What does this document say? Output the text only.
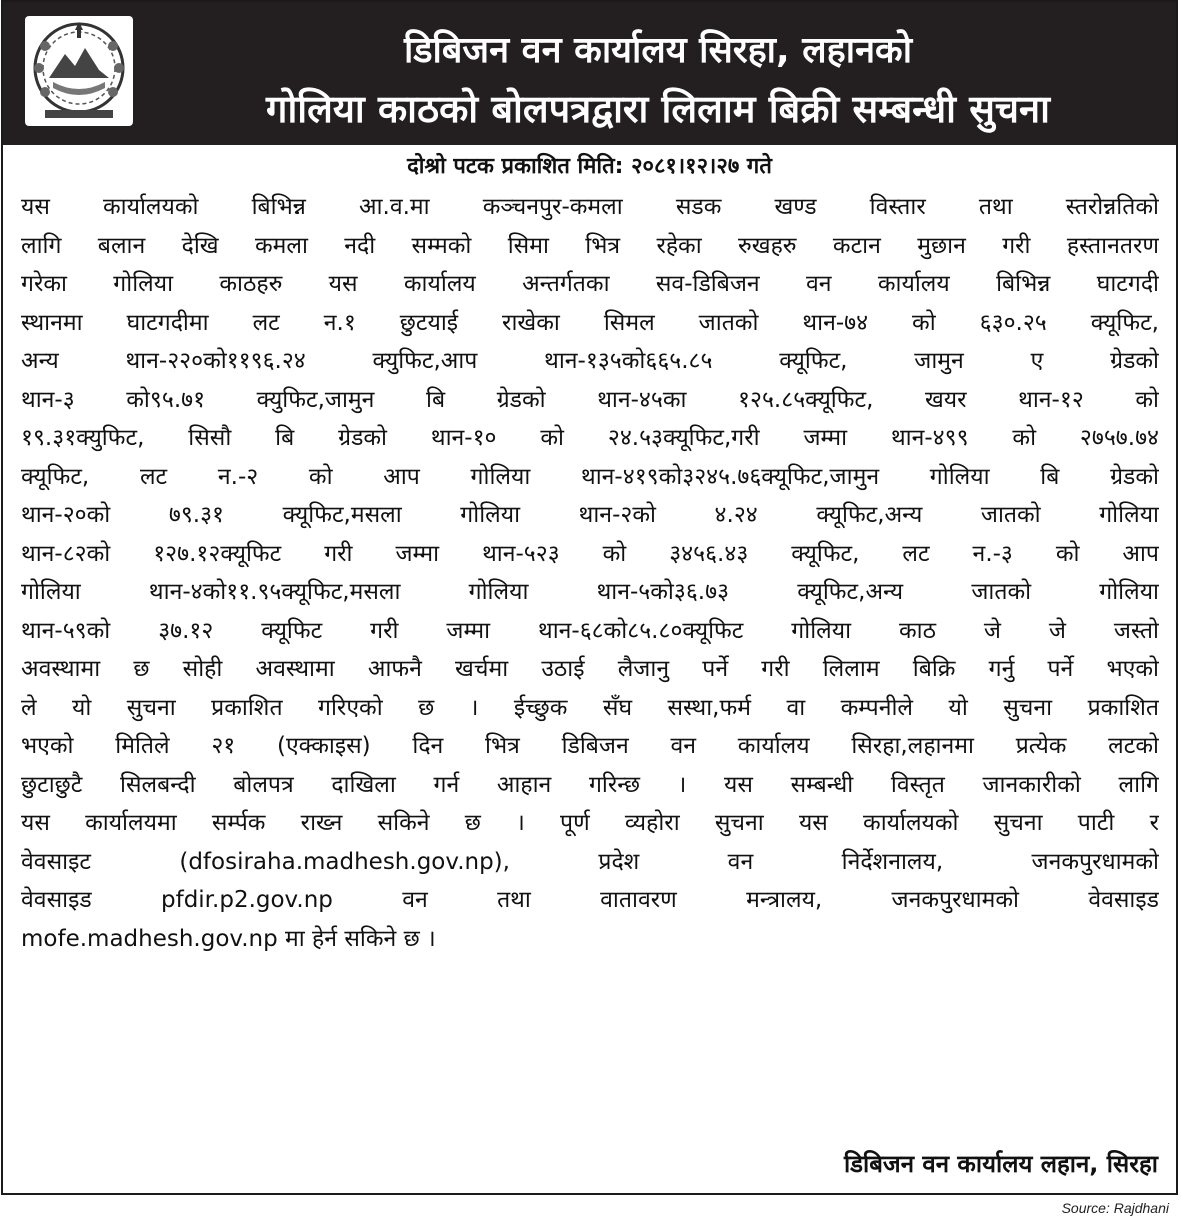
डिबिजन वन कार्यालय सिरहा, लहानको
गोलिया काठको बोलपत्रद्वारा लिलाम बिक्री सम्बन्धी सुचना
दोश्रो पटक प्रकाशित मिति: २०८१।१२।२७ गते
यस कार्यालयको बिभिन्न आ.व.मा कञ्चनपुर-कमला सडक खण्ड विस्तार तथा स्तरोन्नतिको
लागि बलान देखि कमला नदी सम्मको सिमा भित्र रहेका रुखहरु कटान मुछान गरी हस्तानतरण
गरेका गोलिया काठहरु यस कार्यालय अन्तर्गतका सव-डिबिजन वन कार्यालय बिभिन्न घाटगदी
स्थानमा घाटगदीमा लट न.१ छुटयाई राखेका सिमल जातको थान-७४ को ६३०.२५ क्यूफिट,
अन्य थान-२२०को११९६.२४ क्युफिट,आप थान-१३५को६६५.८५ क्यूफिट, जामुन ए ग्रेडको
थान-३ को९५.७१ क्युफिट,जामुन बि ग्रेडको थान-४५का १२५.८५क्यूफिट, खयर थान-१२ को
१९.३१क्युफिट, सिसौ बि ग्रेडको थान-१० को २४.५३क्यूफिट,गरी जम्मा थान-४९९ को २७५७.७४
क्यूफिट, लट न.-२ को आप गोलिया थान-४१९को३२४५.७६क्यूफिट,जामुन गोलिया बि ग्रेडको
थान-२०को ७९.३१ क्यूफिट,मसला गोलिया थान-२को ४.२४ क्यूफिट,अन्य जातको गोलिया
थान-८२को १२७.१२क्यूफिट गरी जम्मा थान-५२३ को ३४५६.४३ क्यूफिट, लट न.-३ को आप
गोलिया थान-४को११.९५क्यूफिट,मसला गोलिया थान-५को३६.७३ क्यूफिट,अन्य जातको गोलिया
थान-५९को ३७.१२ क्यूफिट गरी जम्मा थान-६८को८५.८०क्यूफिट गोलिया काठ जे जे जस्तो
अवस्थामा छ सोही अवस्थामा आफनै खर्चमा उठाई लैजानु पर्ने गरी लिलाम बिक्रि गर्नु पर्ने भएको
ले यो सुचना प्रकाशित गरिएको छ । ईच्छुक सँघ सस्था,फर्म वा कम्पनीले यो सुचना प्रकाशित
भएको मितिले २१ (एक्काइस) दिन भित्र डिबिजन वन कार्यालय सिरहा,लहानमा प्रत्येक लटको
छुटाछुटै सिलबन्दी बोलपत्र दाखिला गर्न आहान गरिन्छ । यस सम्बन्धी विस्तृत जानकारीको लागि
यस कार्यालयमा सर्म्पक राख्न सकिने छ । पूर्ण व्यहोरा सुचना यस कार्यालयको सुचना पाटी र
वेवसाइट (dfosiraha.madhesh.gov.np), प्रदेश वन निर्देशनालय, जनकपुरधामको
वेवसाइड pfdir.p2.gov.np वन तथा वातावरण मन्त्रालय, जनकपुरधामको वेवसाइड
mofe.madhesh.gov.np मा हेर्न सकिने छ ।
डिबिजन वन कार्यालय लहान, सिरहा
Source: Rajdhani
